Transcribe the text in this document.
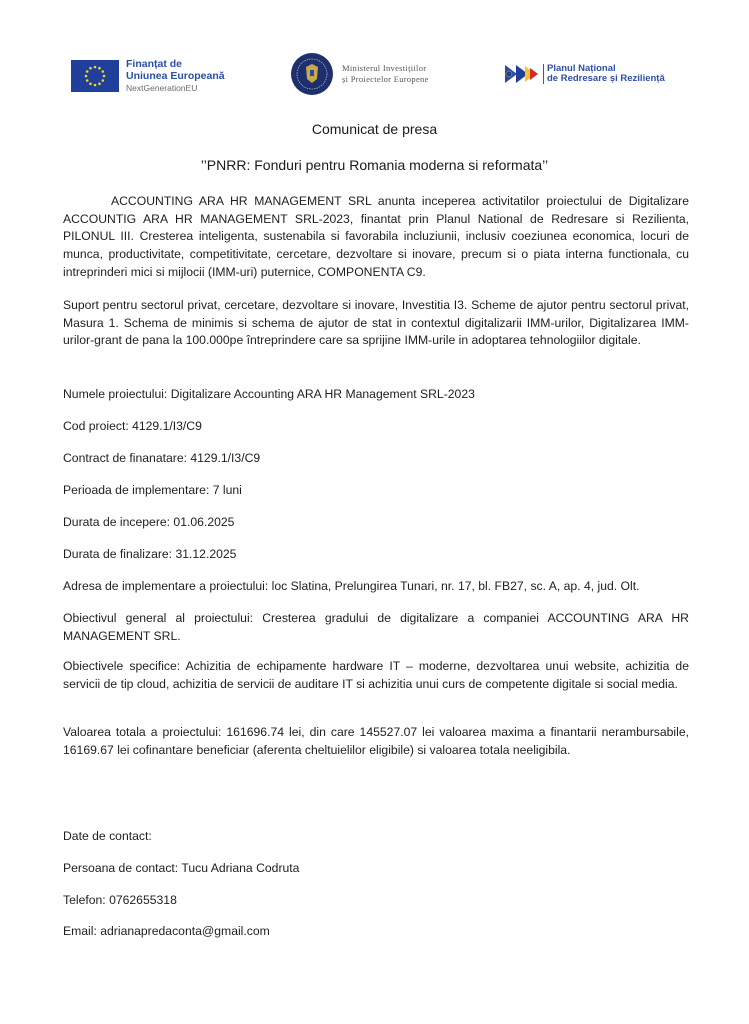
Finanțat de
Uniunea Europeană
NextGenerationEU
Ministerul Investițiilor
și Proiectelor Europene
Planul Național
de Redresare și Reziliență
Comunicat de presa
’’PNRR: Fonduri pentru Romania moderna si reformata’’
ACCOUNTING ARA HR MANAGEMENT SRL anunta inceperea activitatilor proiectului de Digitalizare ACCOUNTIG ARA HR MANAGEMENT SRL-2023, finantat prin Planul National de Redresare si Rezilienta, PILONUL III. Cresterea inteligenta, sustenabila si favorabila incluziunii, inclusiv coeziunea economica, locuri de munca, productivitate, competitivitate, cercetare, dezvoltare si inovare, precum si o piata interna functionala, cu intreprinderi mici si mijlocii (IMM-uri) puternice, COMPONENTA C9.
Suport pentru sectorul privat, cercetare, dezvoltare si inovare, Investitia I3. Scheme de ajutor pentru sectorul privat, Masura 1. Schema de minimis si schema de ajutor de stat in contextul digitalizarii IMM-urilor, Digitalizarea IMM-urilor-grant de pana la 100.000pe întreprindere care sa sprijine IMM-urile in adoptarea tehnologiilor digitale.
Numele proiectului: Digitalizare Accounting ARA HR Management SRL-2023
Cod proiect: 4129.1/I3/C9
Contract de finanatare: 4129.1/I3/C9
Perioada de implementare: 7 luni
Durata de incepere: 01.06.2025
Durata de finalizare: 31.12.2025
Adresa de implementare a proiectului: loc Slatina, Prelungirea Tunari, nr. 17, bl. FB27, sc. A, ap. 4, jud. Olt.
Obiectivul general al proiectului: Cresterea gradului de digitalizare a companiei ACCOUNTING ARA HR MANAGEMENT SRL.
Obiectivele specifice: Achizitia de echipamente hardware IT – moderne, dezvoltarea unui website, achizitia de servicii de tip cloud, achizitia de servicii de auditare IT si achizitia unui curs de competente digitale si social media.
Valoarea totala a proiectului: 161696.74 lei, din care 145527.07 lei valoarea maxima a finantarii nerambursabile, 16169.67 lei cofinantare beneficiar (aferenta cheltuielilor eligibile) si valoarea totala neeligibila.
Date de contact:
Persoana de contact: Tucu Adriana Codruta
Telefon: 0762655318
Email: adrianapredaconta@gmail.com
